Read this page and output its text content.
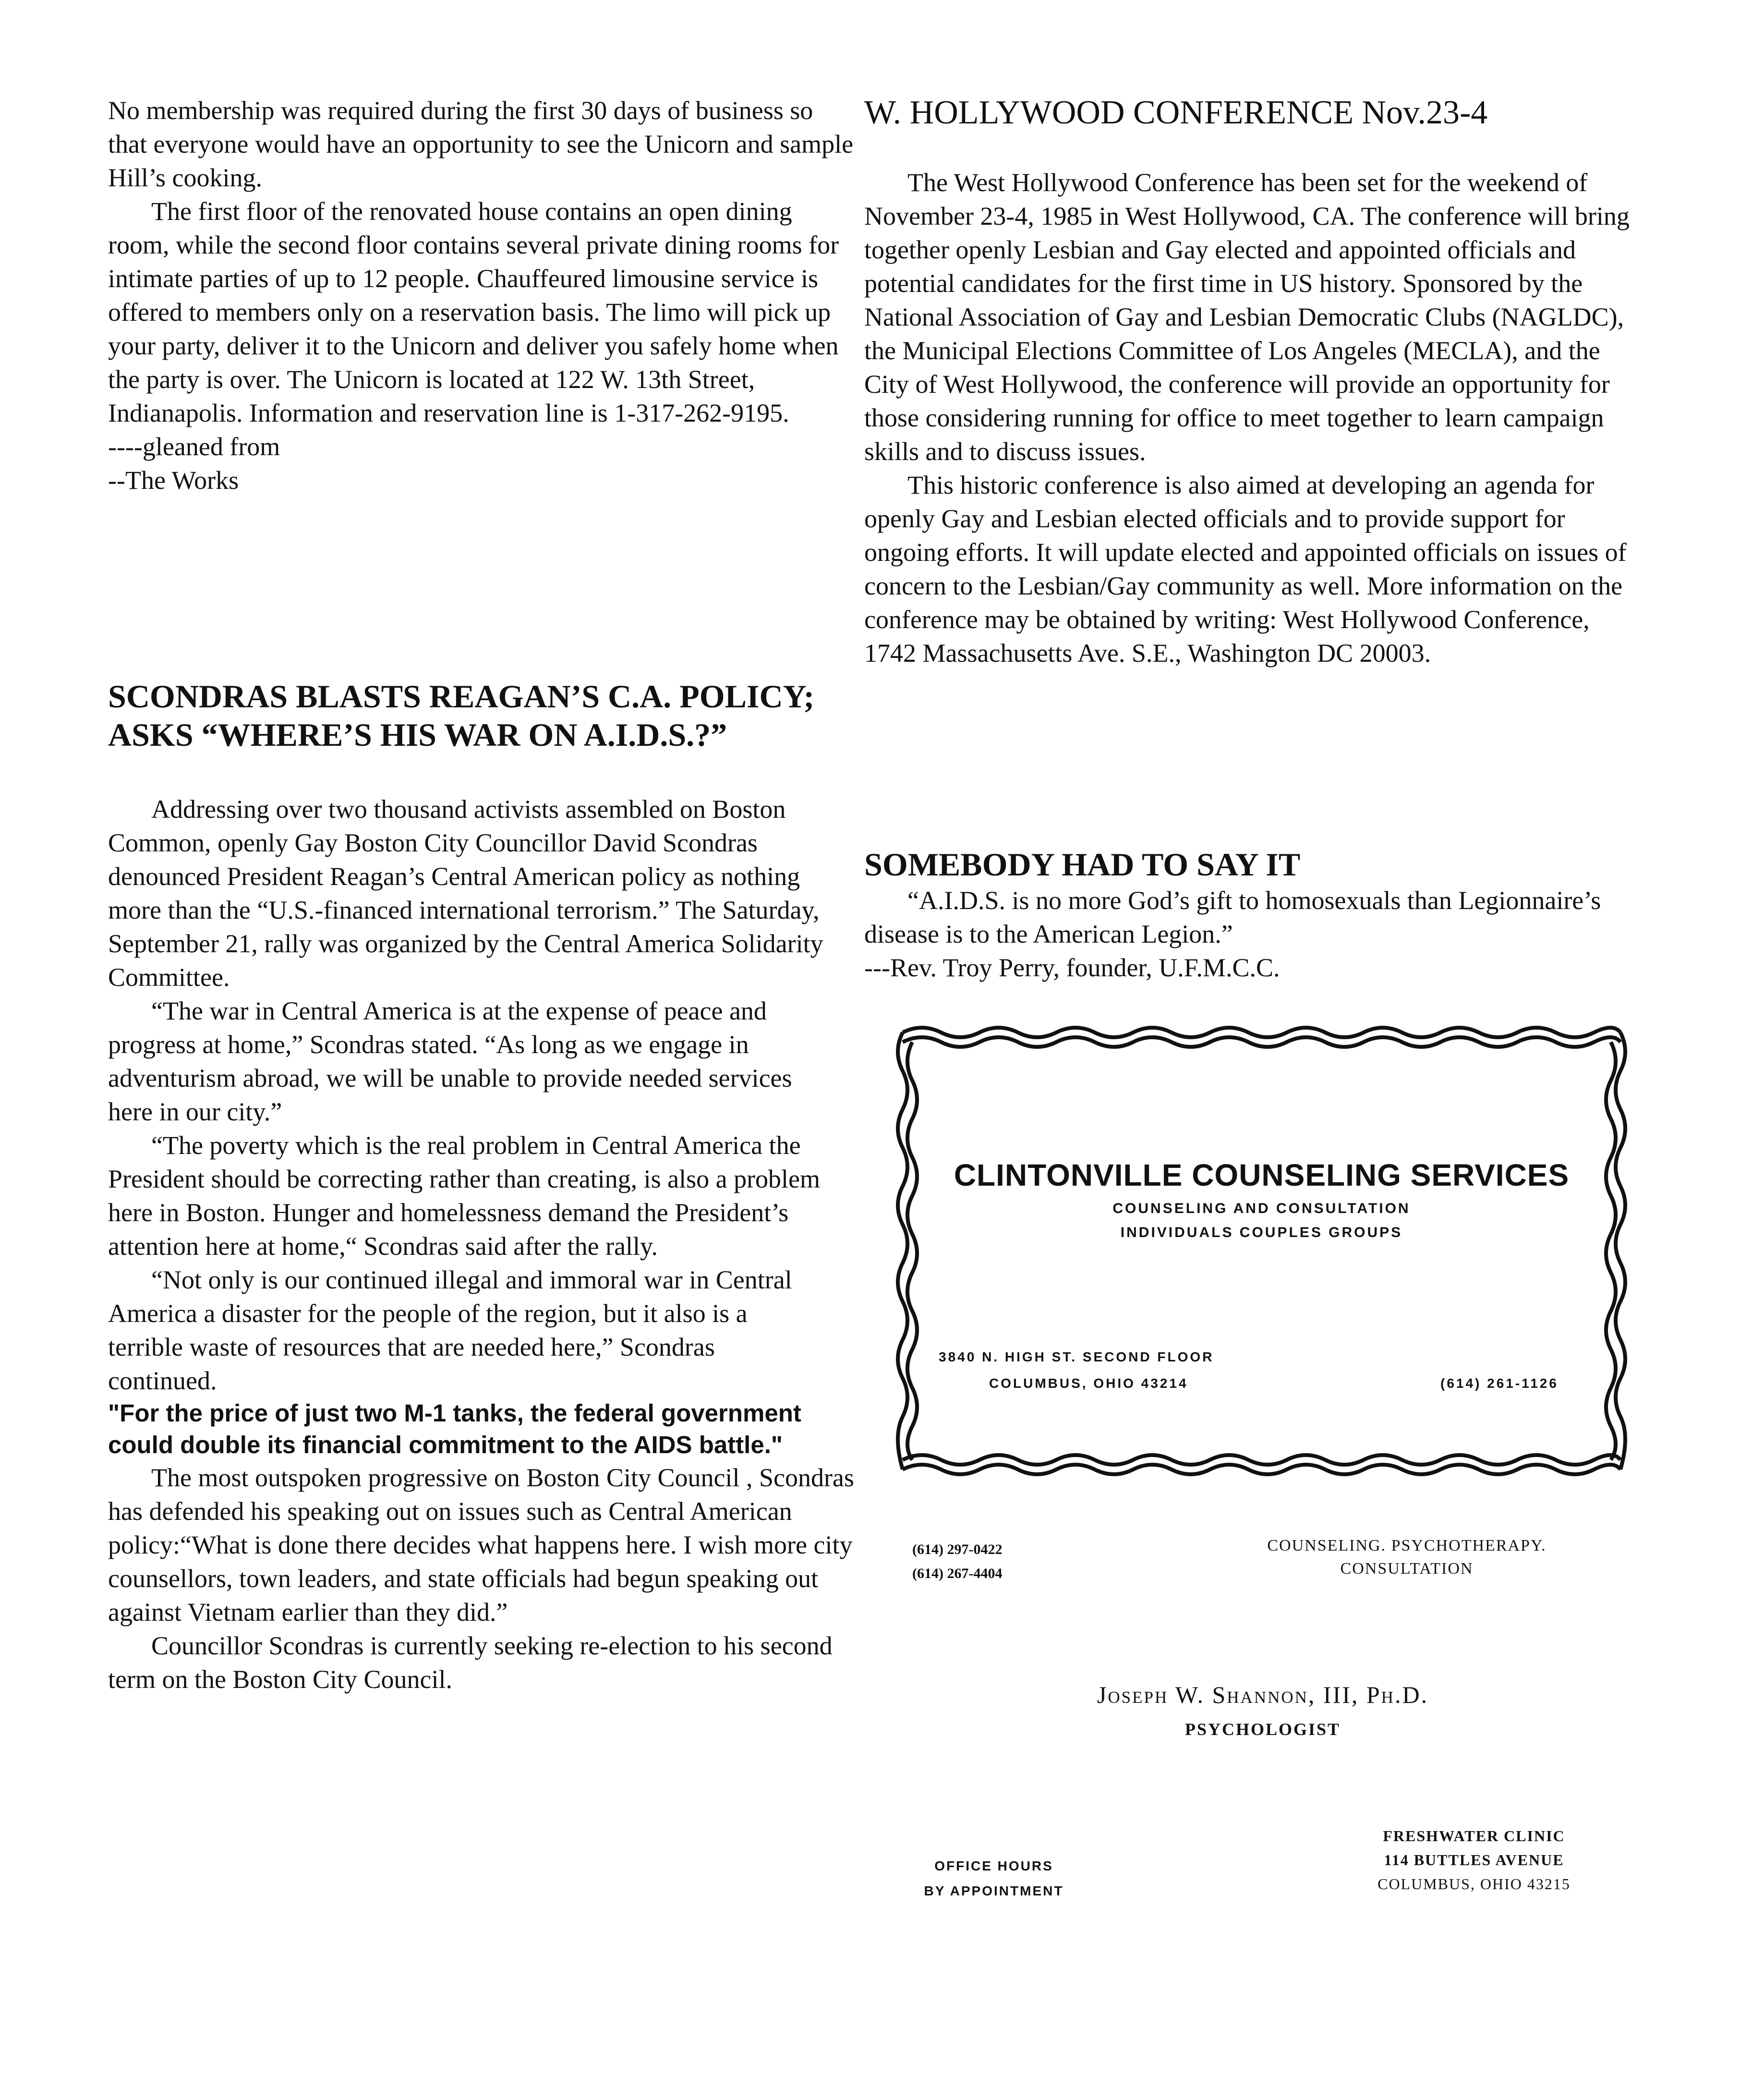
No membership was required during the first 30 days of business so that everyone would have an opportunity to see the Unicorn and sample Hill’s cooking.

The first floor of the renovated house contains an open dining room, while the second floor contains several private dining rooms for intimate parties of up to 12 people. Chauffeured limousine service is offered to members only on a reservation basis. The limo will pick up your party, deliver it to the Unicorn and deliver you safely home when the party is over. The Unicorn is located at 122 W. 13th Street, Indianapolis. Information and reservation line is 1-317-262-9195.

----gleaned from

--The Works

SCONDRAS BLASTS REAGAN’S C.A. POLICY; ASKS “WHERE’S HIS WAR ON A.I.D.S.?”

Addressing over two thousand activists assembled on Boston Common, openly Gay Boston City Councillor David Scondras denounced President Reagan’s Central American policy as nothing more than the “U.S.-financed international terrorism.” The Saturday, September 21, rally was organized by the Central America Solidarity Committee.

“The war in Central America is at the expense of peace and progress at home,” Scondras stated. “As long as we engage in adventurism abroad, we will be unable to provide needed services here in our city.”

“The poverty which is the real problem in Central America the President should be correcting rather than creating, is also a problem here in Boston. Hunger and homelessness demand the President’s attention here at home,“ Scondras said after the rally.

“Not only is our continued illegal and immoral war in Central America a disaster for the people of the region, but it also is a terrible waste of resources that are needed here,” Scondras continued.

"For the price of just two M-1 tanks, the federal government could double its financial commitment to the AIDS battle."

The most outspoken progressive on Boston City Council , Scondras has defended his speaking out on issues such as Central American policy:“What is done there decides what happens here. I wish more city counsellors, town leaders, and state officials had begun speaking out against Vietnam earlier than they did.”

Councillor Scondras is currently seeking re-election to his second term on the Boston City Council.

W. HOLLYWOOD CONFERENCE Nov.23-4

The West Hollywood Conference has been set for the weekend of November 23-4, 1985 in West Hollywood, CA. The conference will bring together openly Lesbian and Gay elected and appointed officials and potential candidates for the first time in US history. Sponsored by the National Association of Gay and Lesbian Democratic Clubs (NAGLDC), the Municipal Elections Committee of Los Angeles (MECLA), and the City of West Hollywood, the conference will provide an opportunity for those considering running for office to meet together to learn campaign skills and to discuss issues.

This historic conference is also aimed at developing an agenda for openly Gay and Lesbian elected officials and to provide support for ongoing efforts. It will update elected and appointed officials on issues of concern to the Lesbian/Gay community as well. More information on the conference may be obtained by writing: West Hollywood Conference, 1742 Massachusetts Ave. S.E., Washington DC 20003.

SOMEBODY HAD TO SAY IT

“A.I.D.S. is no more God’s gift to homosexuals than Legionnaire’s disease is to the American Legion.”

---Rev. Troy Perry, founder, U.F.M.C.C.

CLINTONVILLE COUNSELING SERVICES
COUNSELING AND CONSULTATION
INDIVIDUALS COUPLES GROUPS
3840 N. HIGH ST. SECOND FLOOR
COLUMBUS, OHIO 43214	(614) 261-1126
(614) 297-0422
(614) 267-4404
COUNSELING. PSYCHOTHERAPY.
CONSULTATION
Joseph W. Shannon, III, Ph.D.
PSYCHOLOGIST
OFFICE HOURS
BY APPOINTMENT
FRESHWATER CLINIC
114 BUTTLES AVENUE
COLUMBUS, OHIO 43215
